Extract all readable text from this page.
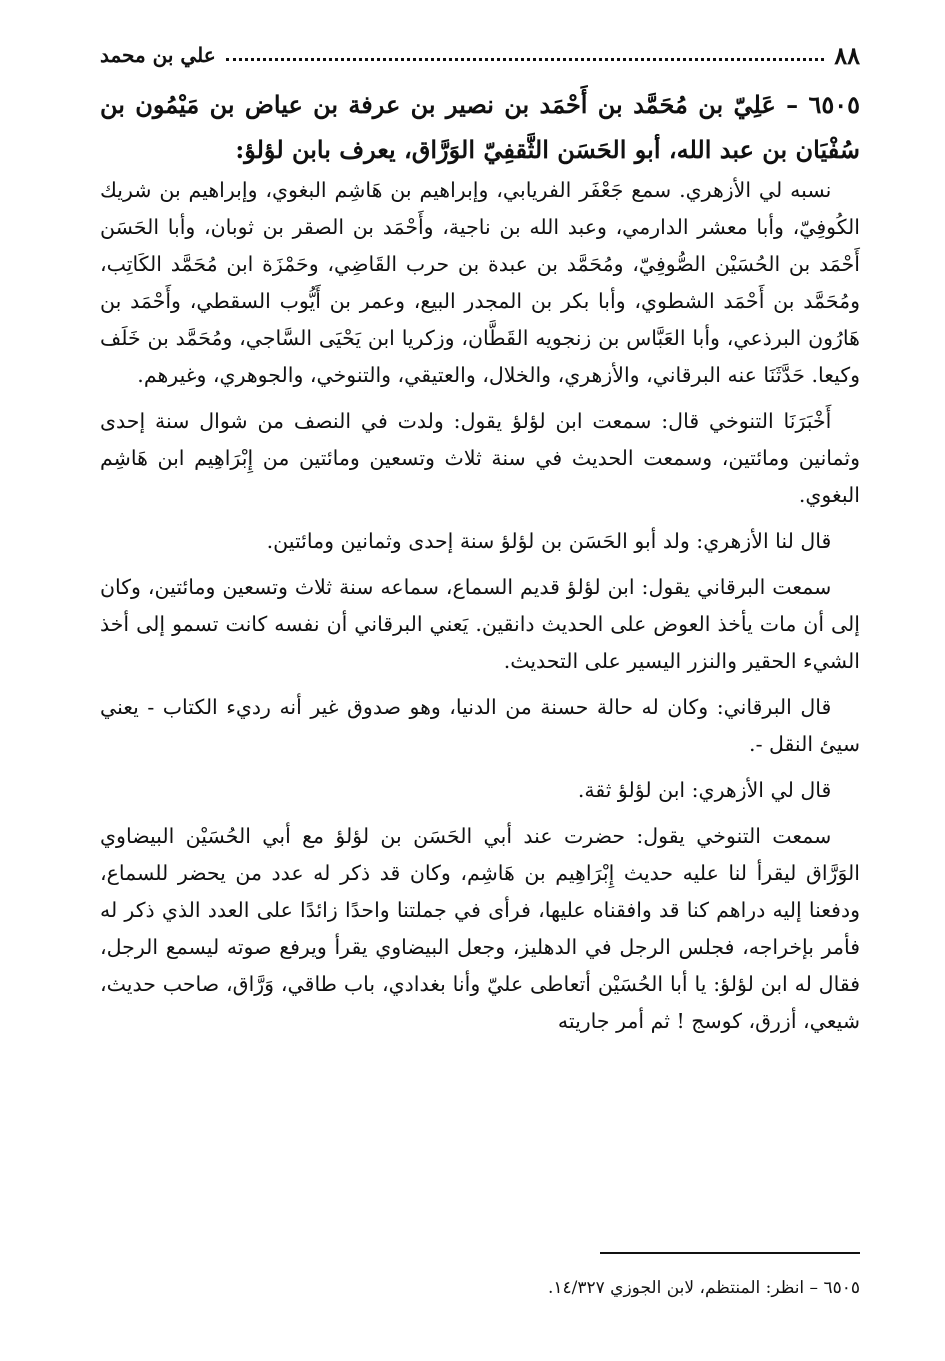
٨٨
علي بن محمد
٦٥٠٥ – عَلِيّ بن مُحَمَّد بن أَحْمَد بن نصير بن عرفة بن عياض بن مَيْمُون بن سُفْيَان بن عبد الله، أبو الحَسَن الثَّقفِيّ الوَرَّاق، يعرف بابن لؤلؤ:

نسبه لي الأزهري. سمع جَعْفَر الفريابي، وإبراهيم بن هَاشِم البغوي، وإبراهيم بن شريك الكُوفِيّ، وأبا معشر الدارمي، وعبد الله بن ناجية، وأَحْمَد بن الصقر بن ثوبان، وأبا الحَسَن أَحْمَد بن الحُسَيْن الصُّوفِيّ، ومُحَمَّد بن عبدة بن حرب القَاضِي، وحَمْزَة ابن مُحَمَّد الكَاتِب، ومُحَمَّد بن أَحْمَد الشطوي، وأبا بكر بن المجدر البيع، وعمر بن أَيُّوب السقطي، وأَحْمَد بن هَارُون البرذعي، وأبا العَبَّاس بن زنجويه القَطَّان، وزكريا ابن يَحْيَى السَّاجي، ومُحَمَّد بن خَلَف وكيعا. حَدَّثَنَا عنه البرقاني، والأزهري، والخلال، والعتيقي، والتنوخي، والجوهري، وغيرهم.

أَخْبَرَنَا التنوخي قال: سمعت ابن لؤلؤ يقول: ولدت في النصف من شوال سنة إحدى وثمانين ومائتين، وسمعت الحديث في سنة ثلاث وتسعين ومائتين من إِبْرَاهِيم ابن هَاشِم البغوي.

قال لنا الأزهري: ولد أبو الحَسَن بن لؤلؤ سنة إحدى وثمانين ومائتين.

سمعت البرقاني يقول: ابن لؤلؤ قديم السماع، سماعه سنة ثلاث وتسعين ومائتين، وكان إلى أن مات يأخذ العوض على الحديث دانقين. يَعني البرقاني أن نفسه كانت تسمو إلى أخذ الشيء الحقير والنزر اليسير على التحديث.

قال البرقاني: وكان له حالة حسنة من الدنيا، وهو صدوق غير أنه رديء الكتاب - يعني سيئ النقل -.

قال لي الأزهري: ابن لؤلؤ ثقة.

سمعت التنوخي يقول: حضرت عند أبي الحَسَن بن لؤلؤ مع أبي الحُسَيْن البيضاوي الوَرَّاق ليقرأ لنا عليه حديث إِبْرَاهِيم بن هَاشِم، وكان قد ذكر له عدد من يحضر للسماع، ودفعنا إليه دراهم كنا قد وافقناه عليها، فرأى في جملتنا واحدًا زائدًا على العدد الذي ذكر له فأمر بإخراجه، فجلس الرجل في الدهليز، وجعل البيضاوي يقرأ ويرفع صوته ليسمع الرجل، فقال له ابن لؤلؤ: يا أبا الحُسَيْن أتعاطى عليّ وأنا بغدادي، باب طاقي، وَرَّاق، صاحب حديث، شيعي، أزرق، كوسج ! ثم أمر جاريته

٦٥٠٥ – انظر: المنتظم، لابن الجوزي ١٤/٣٢٧.
